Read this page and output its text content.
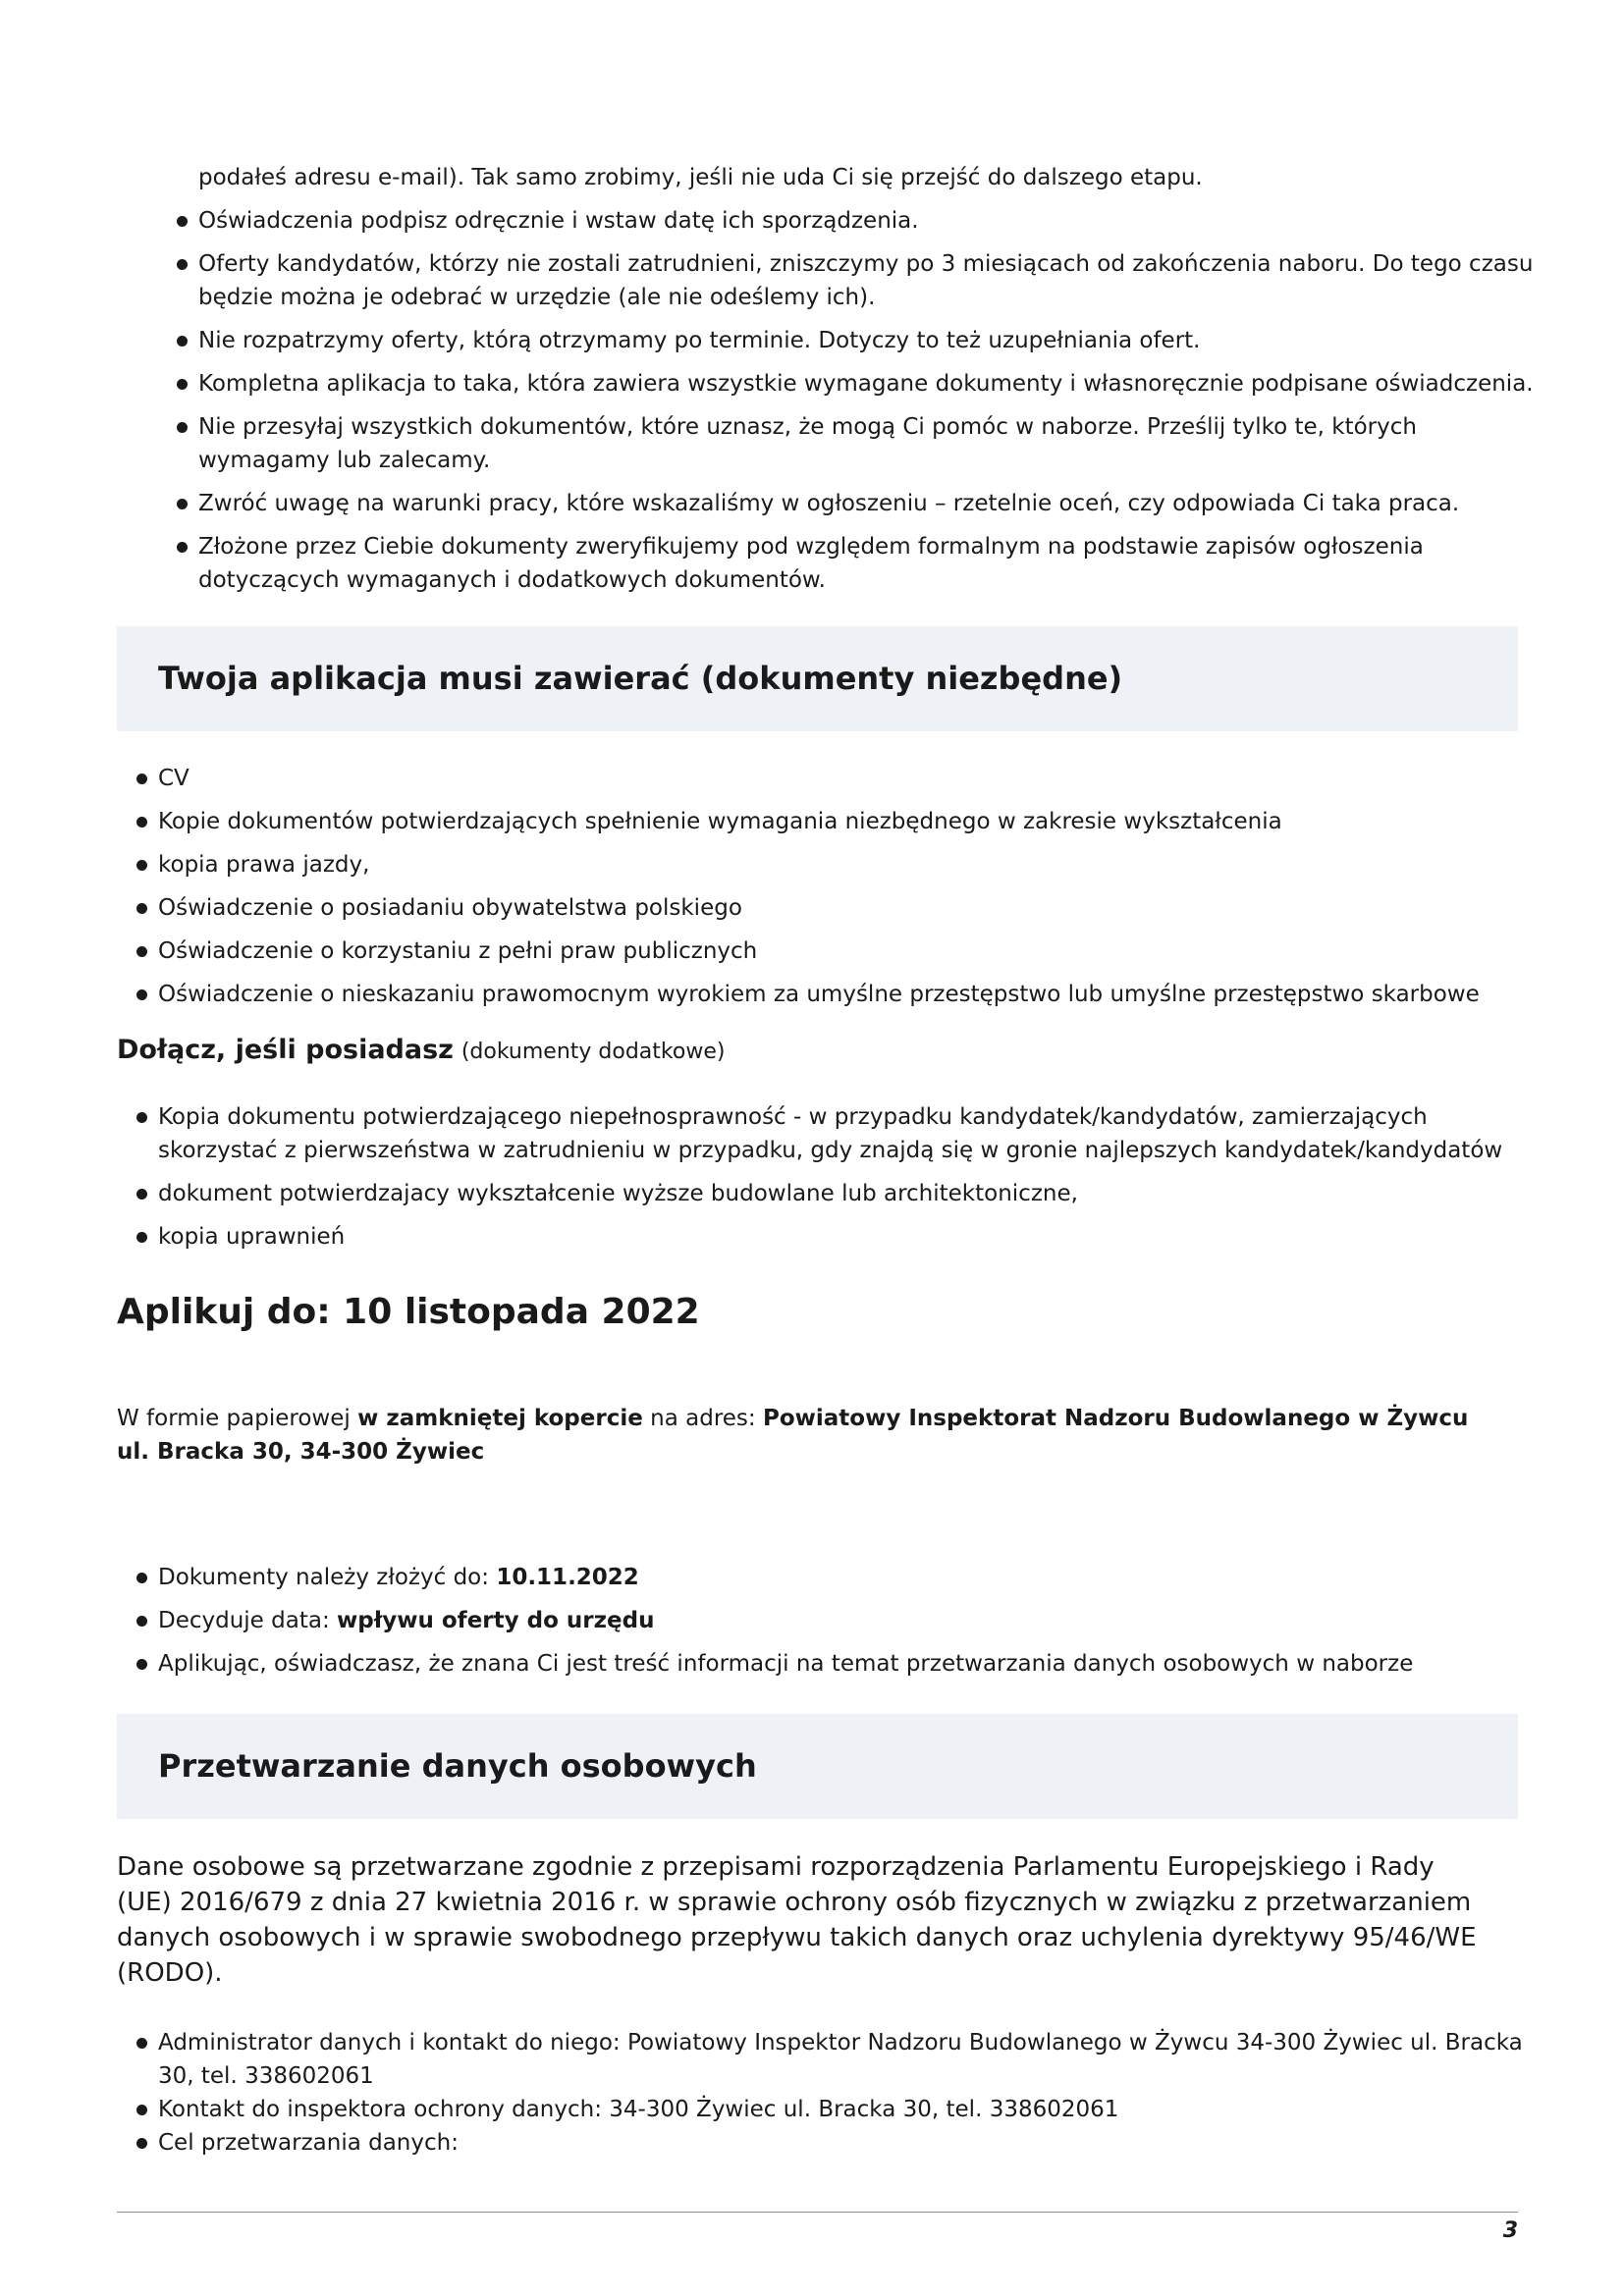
podałeś adresu e-mail). Tak samo zrobimy, jeśli nie uda Ci się przejść do dalszego etapu.
Oświadczenia podpisz odręcznie i wstaw datę ich sporządzenia.
Oferty kandydatów, którzy nie zostali zatrudnieni, zniszczymy po 3 miesiącach od zakończenia naboru. Do tego czasu będzie można je odebrać w urzędzie (ale nie odeślemy ich).
Nie rozpatrzymy oferty, którą otrzymamy po terminie. Dotyczy to też uzupełniania ofert.
Kompletna aplikacja to taka, która zawiera wszystkie wymagane dokumenty i własnoręcznie podpisane oświadczenia.
Nie przesyłaj wszystkich dokumentów, które uznasz, że mogą Ci pomóc w naborze. Prześlij tylko te, których wymagamy lub zalecamy.
Zwróć uwagę na warunki pracy, które wskazaliśmy w ogłoszeniu – rzetelnie oceń, czy odpowiada Ci taka praca.
Złożone przez Ciebie dokumenty zweryfikujemy pod względem formalnym na podstawie zapisów ogłoszenia dotyczących wymaganych i dodatkowych dokumentów.
Twoja aplikacja musi zawierać (dokumenty niezbędne)
CV
Kopie dokumentów potwierdzających spełnienie wymagania niezbędnego w zakresie wykształcenia
kopia prawa jazdy,
Oświadczenie o posiadaniu obywatelstwa polskiego
Oświadczenie o korzystaniu z pełni praw publicznych
Oświadczenie o nieskazaniu prawomocnym wyrokiem za umyślne przestępstwo lub umyślne przestępstwo skarbowe
Dołącz, jeśli posiadasz (dokumenty dodatkowe)
Kopia dokumentu potwierdzającego niepełnosprawność - w przypadku kandydatek/kandydatów, zamierzających skorzystać z pierwszeństwa w zatrudnieniu w przypadku, gdy znajdą się w gronie najlepszych kandydatek/kandydatów
dokument potwierdzajacy wykształcenie wyższe budowlane lub architektoniczne,
kopia uprawnień
Aplikuj do: 10 listopada 2022

W formie papierowej w zamkniętej kopercie na adres: Powiatowy Inspektorat Nadzoru Budowlanego w Żywcu
ul. Bracka 30, 34-300 Żywiec

Dokumenty należy złożyć do: 10.11.2022
Decyduje data: wpływu oferty do urzędu
Aplikując, oświadczasz, że znana Ci jest treść informacji na temat przetwarzania danych osobowych w naborze
Przetwarzanie danych osobowych

Dane osobowe są przetwarzane zgodnie z przepisami rozporządzenia Parlamentu Europejskiego i Rady (UE) 2016/679 z dnia 27 kwietnia 2016 r. w sprawie ochrony osób fizycznych w związku z przetwarzaniem danych osobowych i w sprawie swobodnego przepływu takich danych oraz uchylenia dyrektywy 95/46/WE (RODO).

Administrator danych i kontakt do niego: Powiatowy Inspektor Nadzoru Budowlanego w Żywcu 34-300 Żywiec ul. Bracka 30, tel. 338602061
Kontakt do inspektora ochrony danych: 34-300 Żywiec ul. Bracka 30, tel. 338602061
Cel przetwarzania danych:
3
